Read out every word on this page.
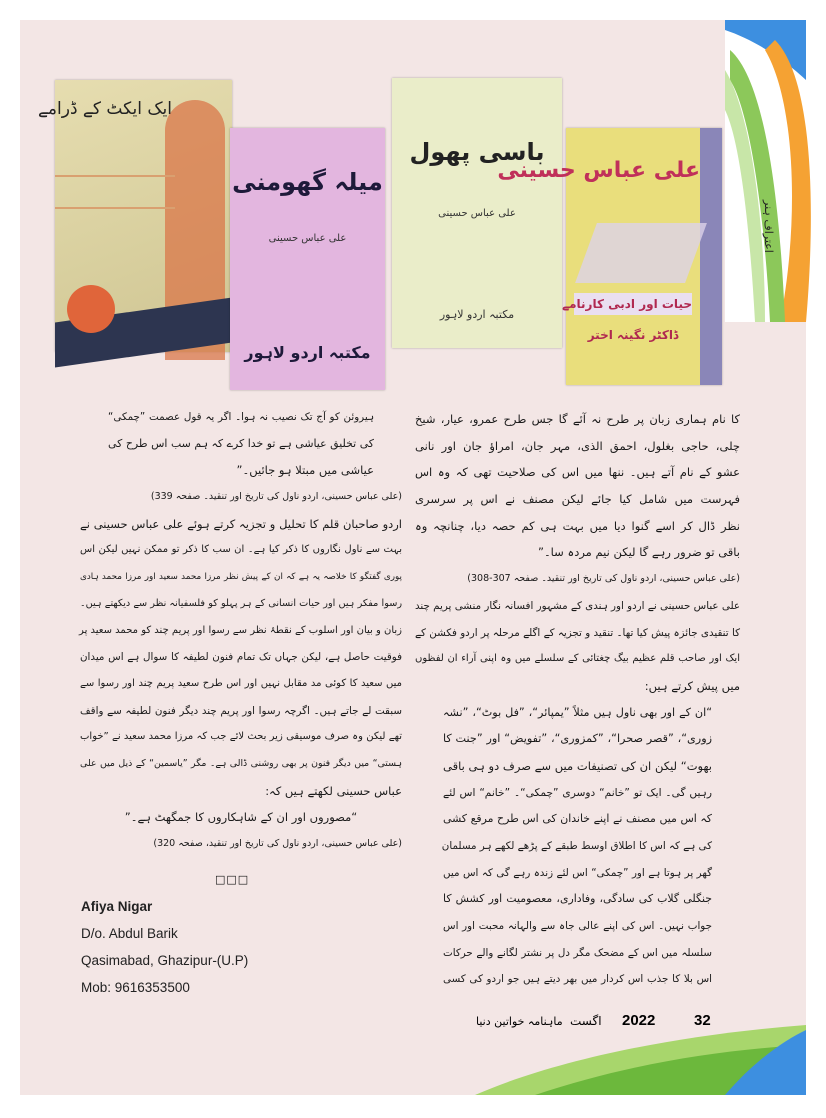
اعتراف ہنر
ایک ایکٹ کے ڈرامے
میلہ گھومنی
علی عباس حسینی
مکتبہ اردو لاہور
باسی پھول
علی عباس حسینی
مکتبہ اردو لاہور
علی عباس حسینی
حیات اور ادبی کارنامے
ڈاکٹر نگینہ اختر
کا نام ہماری زبان پر طرح نہ آئے گا جس طرح عمرو، عیار، شیخ
چلی، حاجی بغلول، احمق الذی، مہر جان، امراؤ جان اور نانی
عشو کے نام آتے ہیں۔ ننھا میں اس کی صلاحیت تھی کہ وہ اس
فہرست میں شامل کیا جائے لیکن مصنف نے اس پر سرسری
نظر ڈال کر اسے گنوا دیا میں بہت ہی کم حصہ دیا، چنانچہ وہ
باقی تو ضرور رہے گا لیکن نیم مردہ سا۔”
(علی عباس حسینی، اردو ناول کی تاریخ اور تنقید۔ صفحہ 307-308)
علی عباس حسینی نے اردو اور ہندی کے مشہور افسانہ نگار منشی پریم چند
کا تنقیدی جائزہ پیش کیا تھا۔ تنقید و تجزیہ کے اگلے مرحلہ پر اردو فکشن کے
ایک اور صاحب قلم عظیم بیگ چغتائی کے سلسلے میں وہ اپنی آراء ان لفظوں
میں پیش کرتے ہیں:
“ان کے اور بھی ناول ہیں مثلاً ”یمپائر“، ”فل بوٹ“، ”نشہ
زوری“، ”قصر صحرا“، ”کمزوری“، ”تفویض“ اور ”جنت کا
بھوت“ لیکن ان کی تصنیفات میں سے صرف دو ہی باقی
رہیں گی۔ ایک تو ”خانم“ دوسری ”چمکی“۔ ”خانم“ اس لئے
کہ اس میں مصنف نے اپنے خاندان کی اس طرح مرقع کشی
کی ہے کہ اس کا اطلاق اوسط طبقے کے پڑھے لکھے ہر مسلمان
گھر پر ہوتا ہے اور ”چمکی“ اس لئے زندہ رہے گی کہ اس میں
جنگلی گلاب کی سادگی، وفاداری، معصومیت اور کشش کا
جواب نہیں۔ اس کی اپنے عالی جاہ سے والہانہ محبت اور اس
سلسلہ میں اس کے مضحک مگر دل پر نشتر لگانے والے حرکات
اس بلا کا جذب اس کردار میں بھر دیتے ہیں جو اردو کی کسی
ہیروئن کو آج تک نصیب نہ ہوا۔ اگر یہ قول عصمت ”چمکی“
کی تخلیق عیاشی ہے تو خدا کرے کہ ہم سب اس طرح کی
عیاشی میں مبتلا ہو جائیں۔”
(علی عباس حسینی، اردو ناول کی تاریخ اور تنقید۔ صفحہ 339)
اردو صاحبان قلم کا تحلیل و تجزیہ کرتے ہوئے علی عباس حسینی نے
بہت سے ناول نگاروں کا ذکر کیا ہے۔ ان سب کا ذکر تو ممکن نہیں لیکن اس
پوری گفتگو کا خلاصہ یہ ہے کہ ان کے پیش نظر مرزا محمد سعید اور مرزا محمد ہادی
رسوا مفکر ہیں اور حیات انسانی کے ہر پہلو کو فلسفیانہ نظر سے دیکھتے ہیں۔
زبان و بیان اور اسلوب کے نقطۂ نظر سے رسوا اور پریم چند کو محمد سعید پر
فوقیت حاصل ہے، لیکن جہاں تک تمام فنون لطیفہ کا سوال ہے اس میدان
میں سعید کا کوئی مد مقابل نہیں اور اس طرح سعید پریم چند اور رسوا سے
سبقت لے جاتے ہیں۔ اگرچہ رسوا اور پریم چند دیگر فنون لطیفہ سے واقف
تھے لیکن وہ صرف موسیقی زیر بحث لائے جب کہ مرزا محمد سعید نے ”خواب
ہستی“ میں دیگر فنون پر بھی روشنی ڈالی ہے۔ مگر ”یاسمین“ کے ذیل میں علی
عباس حسینی لکھتے ہیں کہ:
“مصوروں اور ان کے شاہکاروں کا جمگھٹ ہے۔”
(علی عباس حسینی، اردو ناول کی تاریخ اور تنقید، صفحہ 320)
□□□
Afiya Nigar
D/o. Abdul Barik
Qasimabad, Ghazipur-(U.P)
Mob: 9616353500
32
2022
اگست
ماہنامہ خواتین دنیا
